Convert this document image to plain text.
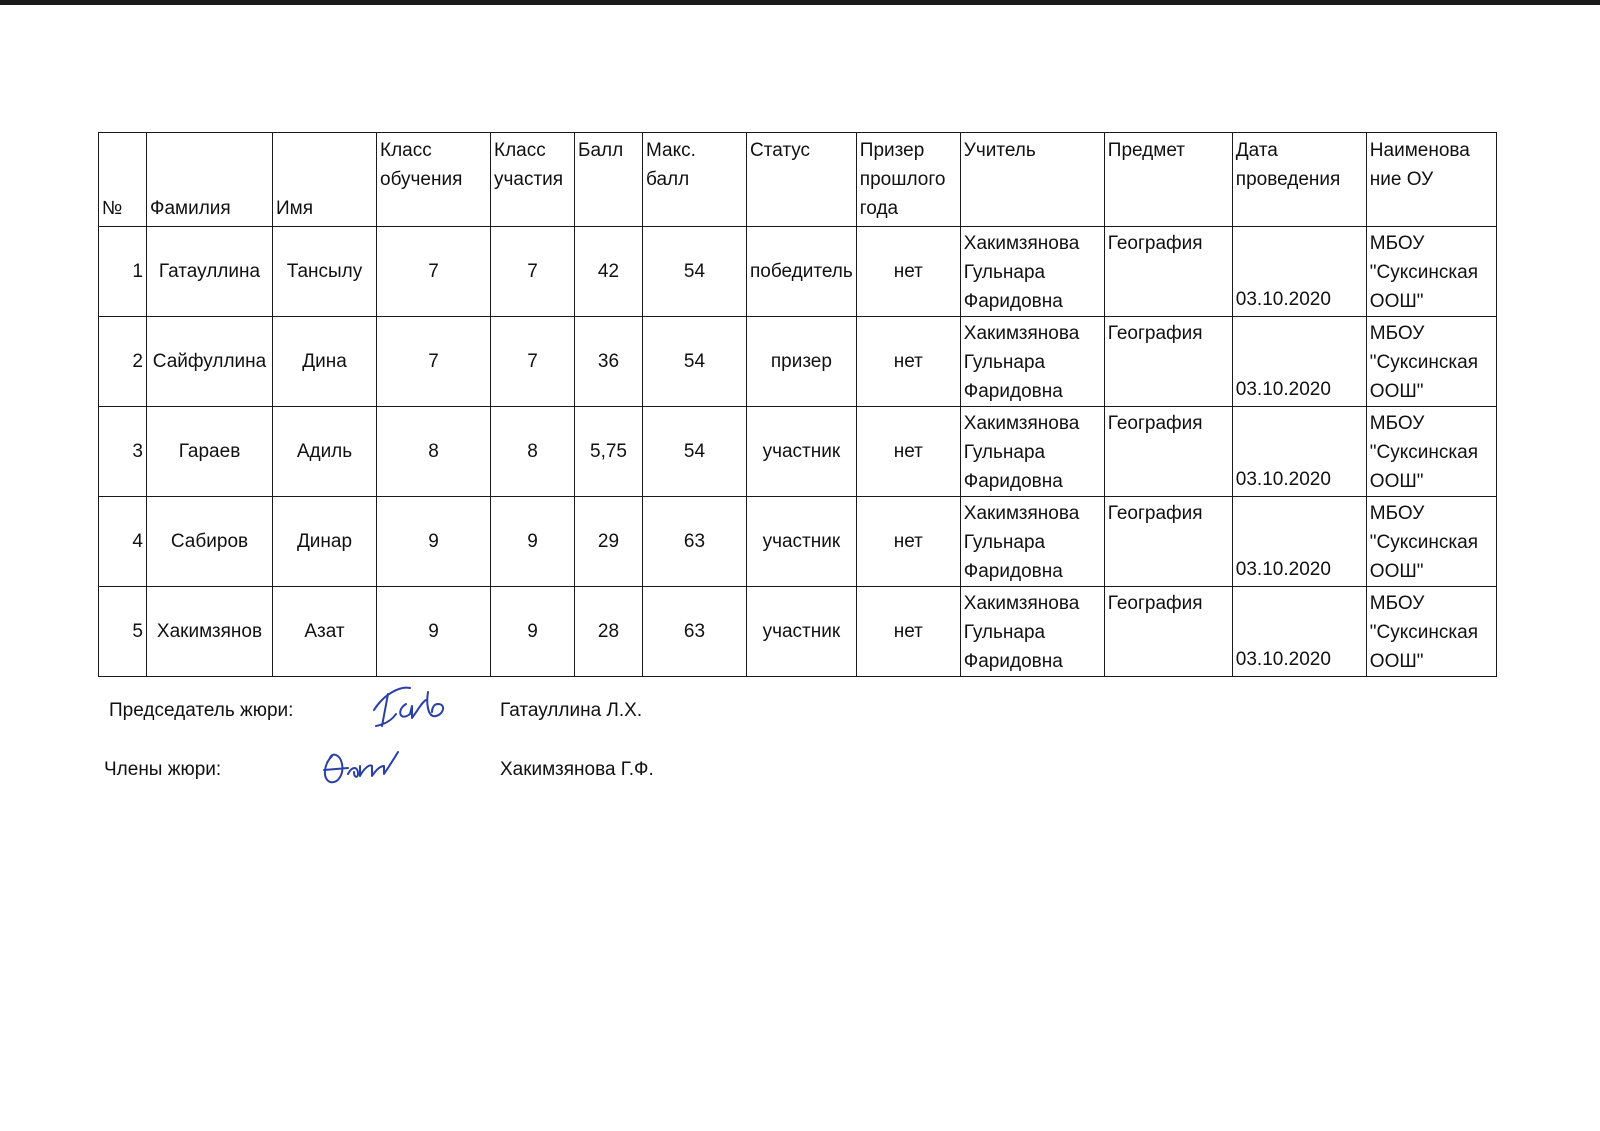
№	Фамилия	Имя	Класс
обучения	Класс
участия	Балл	Макс.
балл	Статус	Призер
прошлого
года	Учитель	Предмет	Дата
проведения	Наименова
ние ОУ

1	Гатауллина	Тансылу	7	7	42	54	победитель	нет	Хакимзянова
Гульнара
Фаридовна	География	03.10.2020	МБОУ
"Суксинская
ООШ"

2	Сайфуллина	Дина	7	7	36	54	призер	нет	Хакимзянова
Гульнара
Фаридовна	География	03.10.2020	МБОУ
"Суксинская
ООШ"

3	Гараев	Адиль	8	8	5,75	54	участник	нет	Хакимзянова
Гульнара
Фаридовна	География	03.10.2020	МБОУ
"Суксинская
ООШ"

4	Сабиров	Динар	9	9	29	63	участник	нет	Хакимзянова
Гульнара
Фаридовна	География	03.10.2020	МБОУ
"Суксинская
ООШ"

5	Хакимзянов	Азат	9	9	28	63	участник	нет	Хакимзянова
Гульнара
Фаридовна	География	03.10.2020	МБОУ
"Суксинская
ООШ"
Председатель жюри:	Гатауллина Л.Х.
Члены жюри:	Хакимзянова Г.Ф.
